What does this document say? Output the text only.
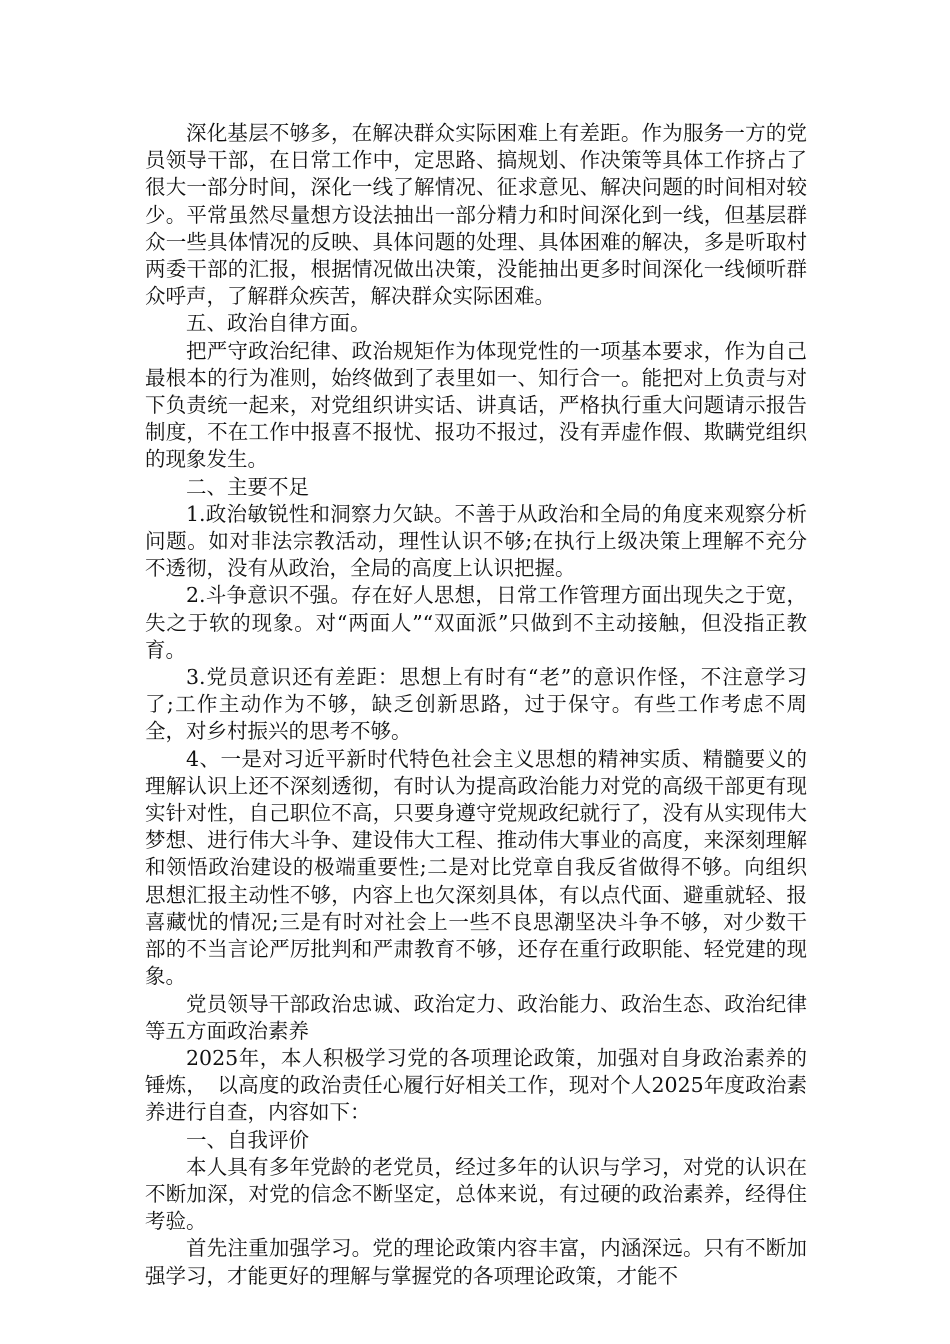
深化基层不够多，在解决群众实际困难上有差距。作为服务一方的党员领导干部，在日常工作中，定思路、搞规划、作决策等具体工作挤占了很大一部分时间，深化一线了解情况、征求意见、解决问题的时间相对较少。平常虽然尽量想方设法抽出一部分精力和时间深化到一线，但基层群众一些具体情况的反映、具体问题的处理、具体困难的解决，多是听取村两委干部的汇报，根据情况做出决策，没能抽出更多时间深化一线倾听群众呼声，了解群众疾苦，解决群众实际困难。

五、政治自律方面。

把严守政治纪律、政治规矩作为体现党性的一项基本要求，作为自己最根本的行为准则，始终做到了表里如一、知行合一。能把对上负责与对下负责统一起来，对党组织讲实话、讲真话，严格执行重大问题请示报告制度，不在工作中报喜不报忧、报功不报过，没有弄虚作假、欺瞒党组织的现象发生。

二、主要不足

1.政治敏锐性和洞察力欠缺。不善于从政治和全局的角度来观察分析问题。如对非法宗教活动，理性认识不够;在执行上级决策上理解不充分不透彻，没有从政治，全局的高度上认识把握。

2.斗争意识不强。存在好人思想，日常工作管理方面出现失之于宽，失之于软的现象。对“两面人”“双面派”只做到不主动接触，但没指正教育。

3.党员意识还有差距：思想上有时有“老”的意识作怪，不注意学习了;工作主动作为不够，缺乏创新思路，过于保守。有些工作考虑不周全，对乡村振兴的思考不够。

4、一是对习近平新时代特色社会主义思想的精神实质、精髓要义的理解认识上还不深刻透彻，有时认为提高政治能力对党的高级干部更有现实针对性，自己职位不高，只要身遵守党规政纪就行了，没有从实现伟大梦想、进行伟大斗争、建设伟大工程、推动伟大事业的高度，来深刻理解和领悟政治建设的极端重要性;二是对比党章自我反省做得不够。向组织思想汇报主动性不够，内容上也欠深刻具体，有以点代面、避重就轻、报喜藏忧的情况;三是有时对社会上一些不良思潮坚决斗争不够，对少数干部的不当言论严厉批判和严肃教育不够，还存在重行政职能、轻党建的现象。

党员领导干部政治忠诚、政治定力、政治能力、政治生态、政治纪律等五方面政治素养

2025年，本人积极学习党的各项理论政策，加强对自身政治素养的锤炼，　以高度的政治责任心履行好相关工作，现对个人2025年度政治素养进行自查，内容如下：

一、自我评价

本人具有多年党龄的老党员，经过多年的认识与学习，对党的认识在不断加深，对党的信念不断坚定，总体来说，有过硬的政治素养，经得住考验。

首先注重加强学习。党的理论政策内容丰富，内涵深远。只有不断加强学习，才能更好的理解与掌握党的各项理论政策，才能不
